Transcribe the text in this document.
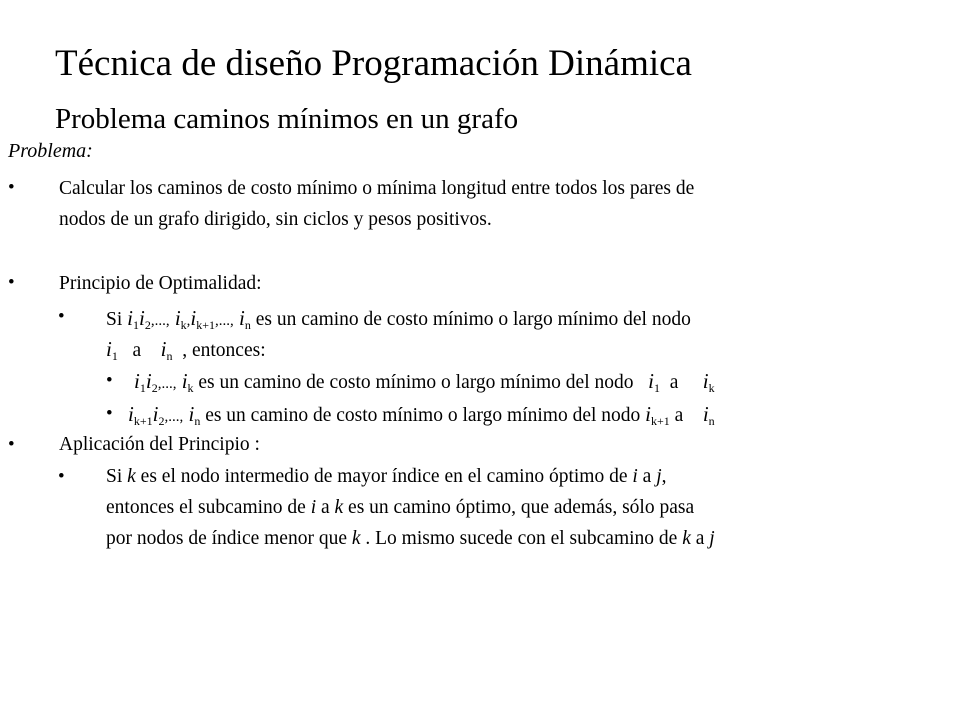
Técnica de diseño Programación Dinámica
Problema caminos mínimos en un grafo
Problema:
• Calcular los caminos de costo mínimo o mínima longitud entre todos los pares de
nodos de un grafo dirigido, sin ciclos y pesos positivos.
• Principio de Optimalidad:
• Si $i_1i_2$,..., $i_k,i_{k+1}$,..., $i_n$ es un camino de costo mínimo o largo mínimo del nodo
$i_1$ a $i_n$ , entonces:
• $i_1i_2$,..., $i_k$ es un camino de costo mínimo o largo mínimo del nodo $i_1$ a $i_k$
• $i_{k+1}i_2$,..., $i_n$ es un camino de costo mínimo o largo mínimo del nodo $i_{k+1}$ a $i_n$
• Aplicación del Principio :
• Si k es el nodo intermedio de mayor índice en el camino óptimo de i a j,
entonces el subcamino de i a k es un camino óptimo, que además, sólo pasa
por nodos de índice menor que k . Lo mismo sucede con el subcamino de k a j
